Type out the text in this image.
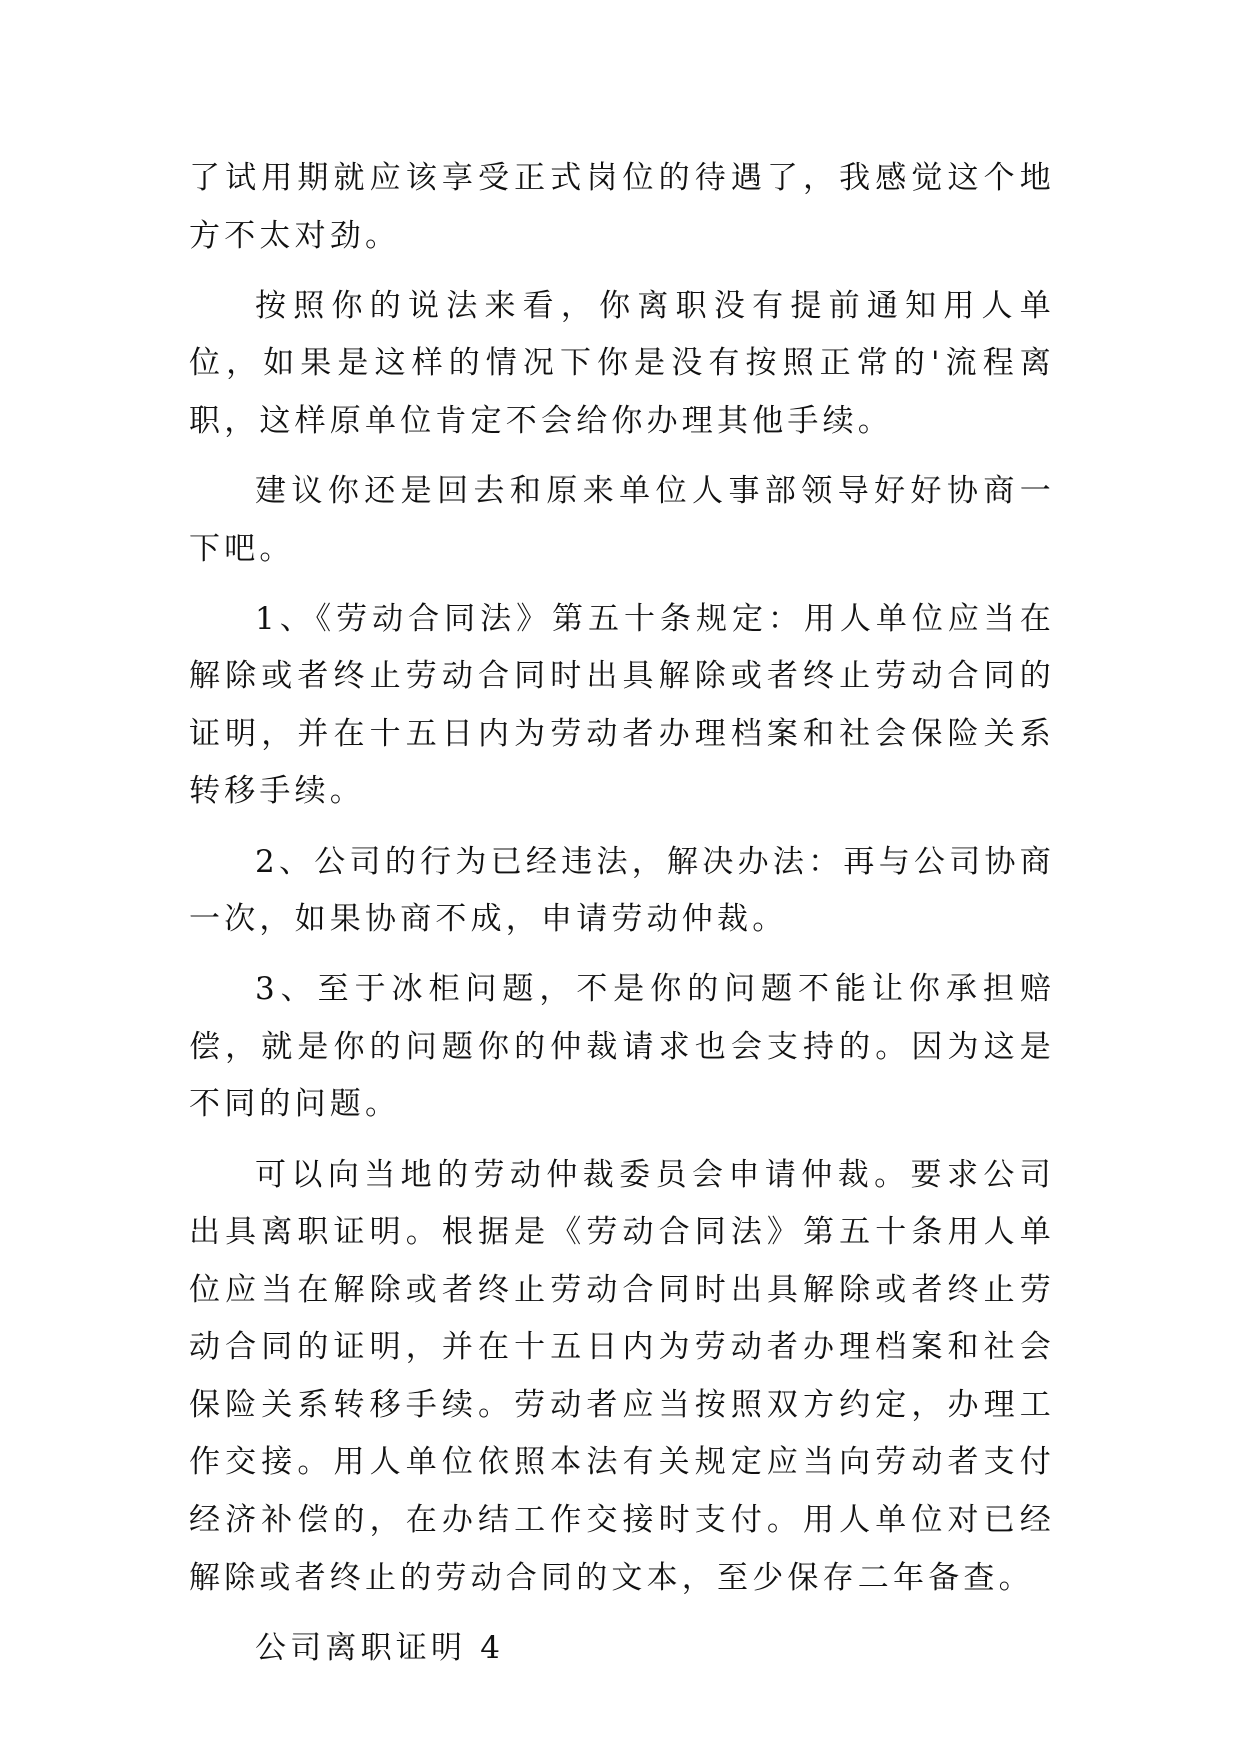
了试用期就应该享受正式岗位的待遇了，我感觉这个地方不太对劲。

按照你的说法来看，你离职没有提前通知用人单位，如果是这样的情况下你是没有按照正常的'流程离职，这样原单位肯定不会给你办理其他手续。

建议你还是回去和原来单位人事部领导好好协商一下吧。

1、《劳动合同法》第五十条规定：用人单位应当在解除或者终止劳动合同时出具解除或者终止劳动合同的证明，并在十五日内为劳动者办理档案和社会保险关系转移手续。

2、公司的行为已经违法，解决办法：再与公司协商一次，如果协商不成，申请劳动仲裁。

3、至于冰柜问题，不是你的问题不能让你承担赔偿，就是你的问题你的仲裁请求也会支持的。因为这是不同的问题。

可以向当地的劳动仲裁委员会申请仲裁。要求公司出具离职证明。根据是《劳动合同法》第五十条用人单位应当在解除或者终止劳动合同时出具解除或者终止劳动合同的证明，并在十五日内为劳动者办理档案和社会保险关系转移手续。劳动者应当按照双方约定，办理工作交接。用人单位依照本法有关规定应当向劳动者支付经济补偿的，在办结工作交接时支付。用人单位对已经解除或者终止的劳动合同的文本，至少保存二年备查。

公司离职证明 4
